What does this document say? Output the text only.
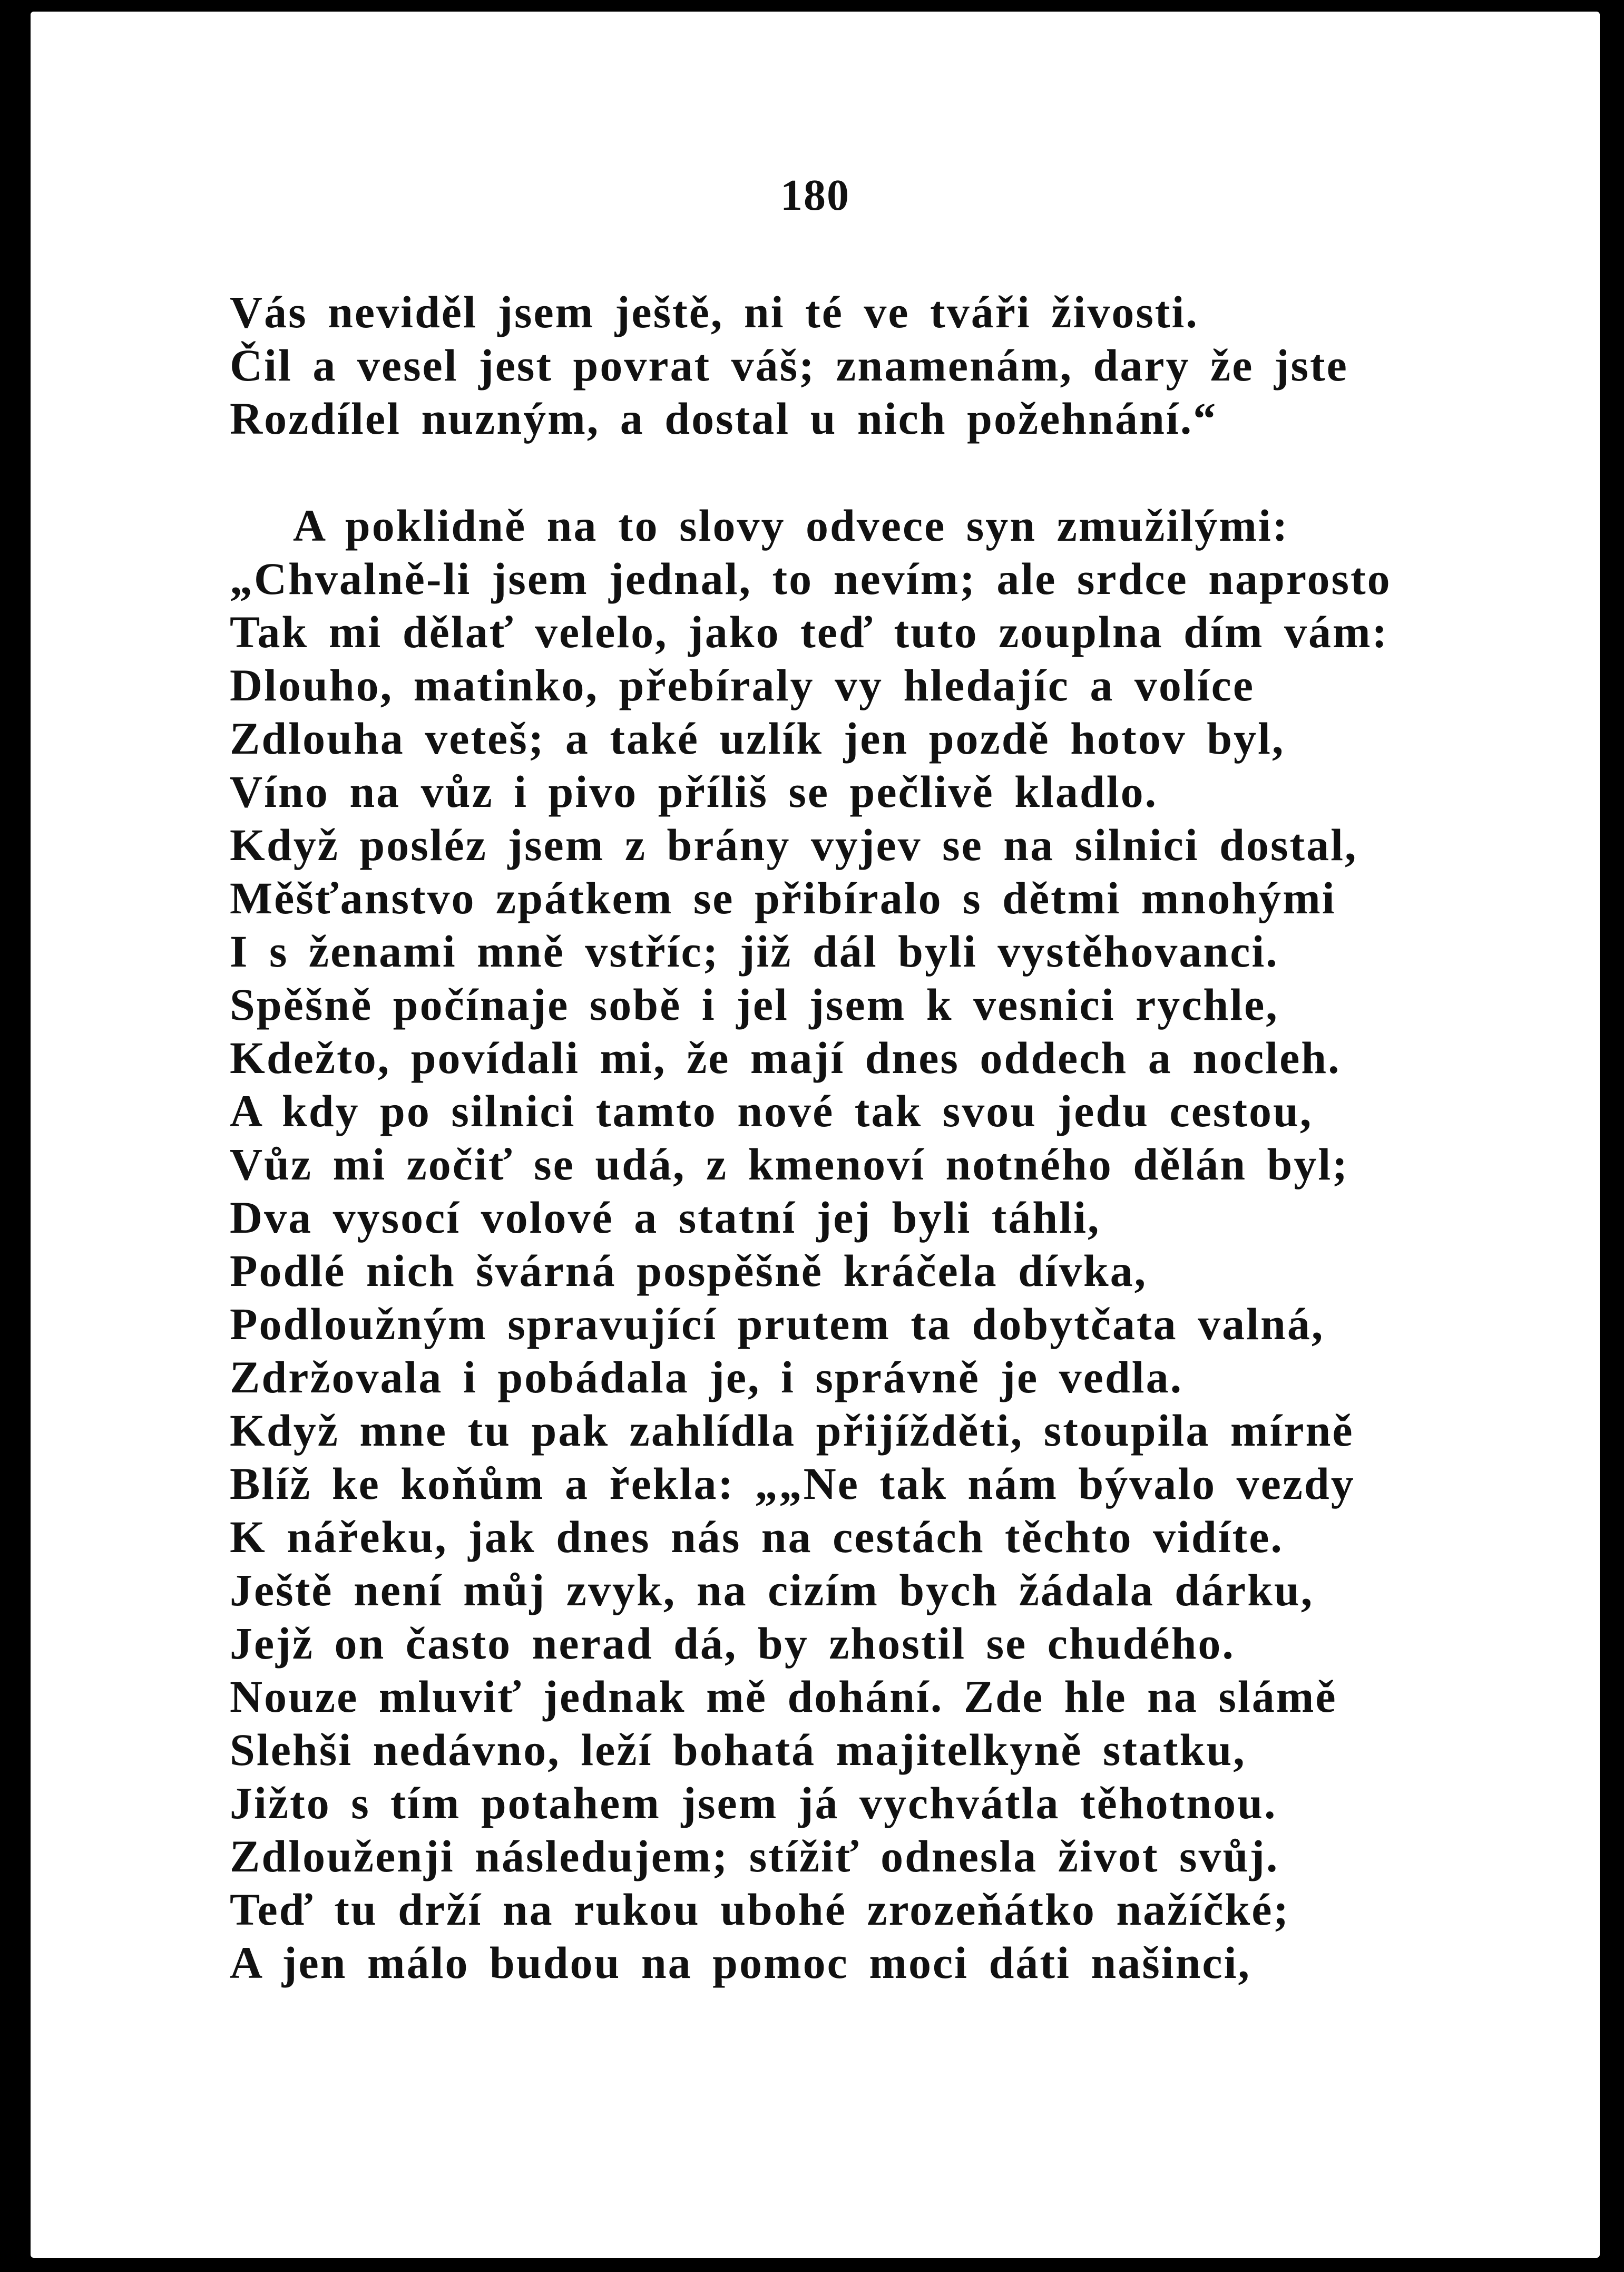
180
Vás neviděl jsem ještě, ni té ve tváři živosti.
Čil a vesel jest povrat váš; znamenám, dary že jste
Rozdílel nuzným, a dostal u nich požehnání.“
A poklidně na to slovy odvece syn zmužilými:
„Chvalně-li jsem jednal, to nevím; ale srdce naprosto
Tak mi dělať velelo, jako teď tuto zouplna dím vám:
Dlouho, matinko, přebíraly vy hledajíc a volíce
Zdlouha veteš; a také uzlík jen pozdě hotov byl,
Víno na vůz i pivo příliš se pečlivě kladlo.
Když posléz jsem z brány vyjev se na silnici dostal,
Měšťanstvo zpátkem se přibíralo s dětmi mnohými
I s ženami mně vstříc; již dál byli vystěhovanci.
Spěšně počínaje sobě i jel jsem k vesnici rychle,
Kdežto, povídali mi, že mají dnes oddech a nocleh.
A kdy po silnici tamto nové tak svou jedu cestou,
Vůz mi zočiť se udá, z kmenoví notného dělán byl;
Dva vysocí volové a statní jej byli táhli,
Podlé nich švárná pospěšně kráčela dívka,
Podloužným spravující prutem ta dobytčata valná,
Zdržovala i pobádala je, i správně je vedla.
Když mne tu pak zahlídla přijížděti, stoupila mírně
Blíž ke koňům a řekla: „„Ne tak nám bývalo vezdy
K nářeku, jak dnes nás na cestách těchto vidíte.
Ještě není můj zvyk, na cizím bych žádala dárku,
Jejž on často nerad dá, by zhostil se chudého.
Nouze mluviť jednak mě dohání. Zde hle na slámě
Slehši nedávno, leží bohatá majitelkyně statku,
Jižto s tím potahem jsem já vychvátla těhotnou.
Zdlouženji následujem; stížiť odnesla život svůj.
Teď tu drží na rukou ubohé zrozeňátko nažíčké;
A jen málo budou na pomoc moci dáti našinci,
